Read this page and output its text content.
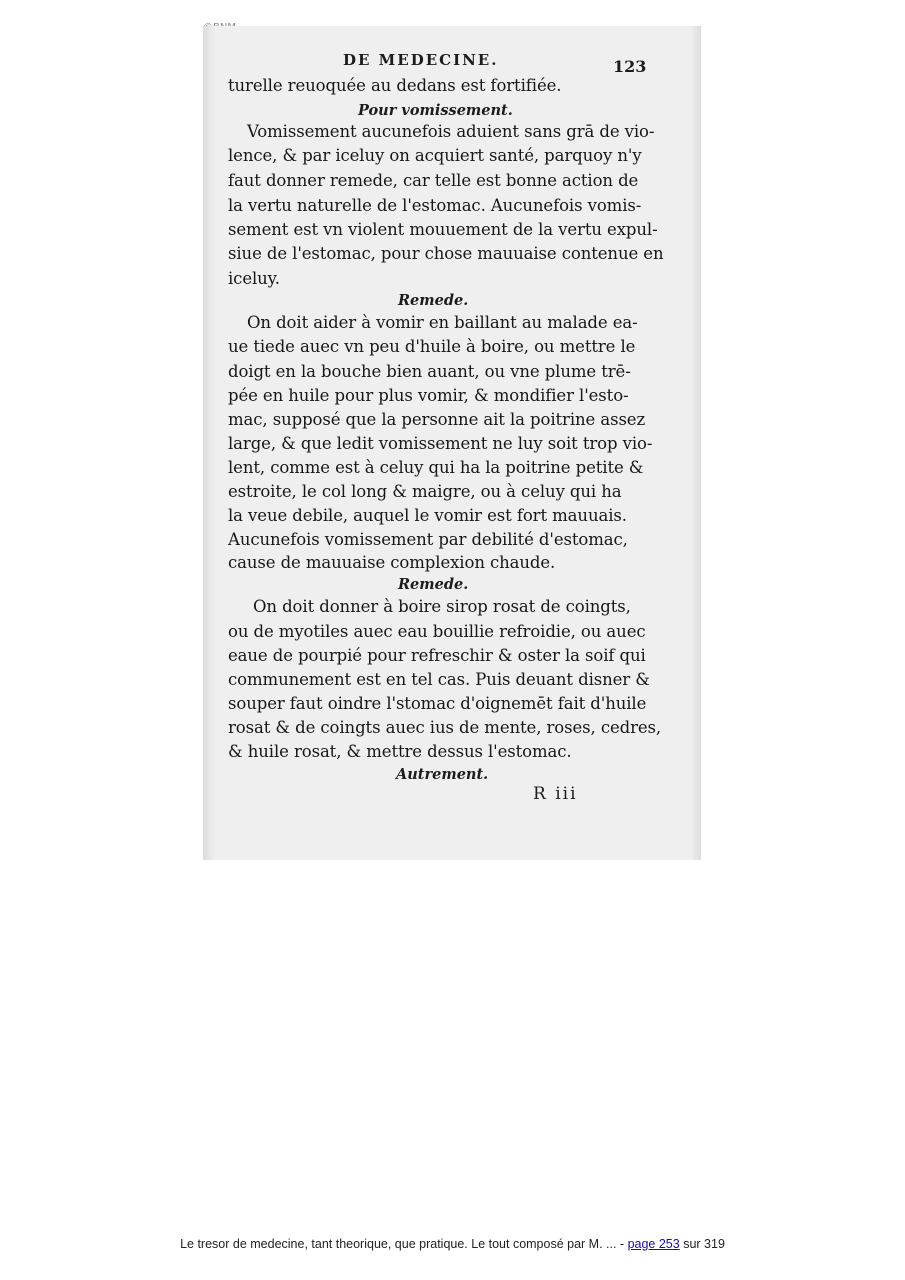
DE MEDECINE.	123
turelle reuoquée au dedans est fortifiée.
Pour vomissement.
Vomissement aucunefois aduient sans grā de vio-
lence, & par iceluy on acquiert santé, parquoy n'y
faut donner remede, car telle est bonne action de
la vertu naturelle de l'estomac. Aucunefois vomis-
sement est vn violent mouuement de la vertu expul-
siue de l'estomac, pour chose mauuaise contenue en
iceluy.
Remede.
On doit aider à vomir en baillant au malade ea-
ue tiede auec vn peu d'huile à boire, ou mettre le
doigt en la bouche bien auant, ou vne plume trē-
pée en huile pour plus vomir, & mondifier l'esto-
mac, supposé que la personne ait la poitrine assez
large, & que ledit vomissement ne luy soit trop vio-
lent, comme est à celuy qui ha la poitrine petite &
estroite, le col long & maigre, ou à celuy qui ha
la veue debile, auquel le vomir est fort mauuais.
Aucunefois vomissement par debilité d'estomac,
cause de mauuaise complexion chaude.
Remede.
On doit donner à boire sirop rosat de coingts,
ou de myotiles auec eau bouillie refroidie, ou auec
eaue de pourpié pour refreschir & oster la soif qui
communement est en tel cas. Puis deuant disner &
souper faut oindre l'stomac d'oignemēt fait d'huile
rosat & de coingts auec ius de mente, roses, cedres,
& huile rosat, & mettre dessus l'estomac.
Autrement.
R iii
Le tresor de medecine, tant theorique, que pratique. Le tout composé par M. ... - page 253 sur 319
